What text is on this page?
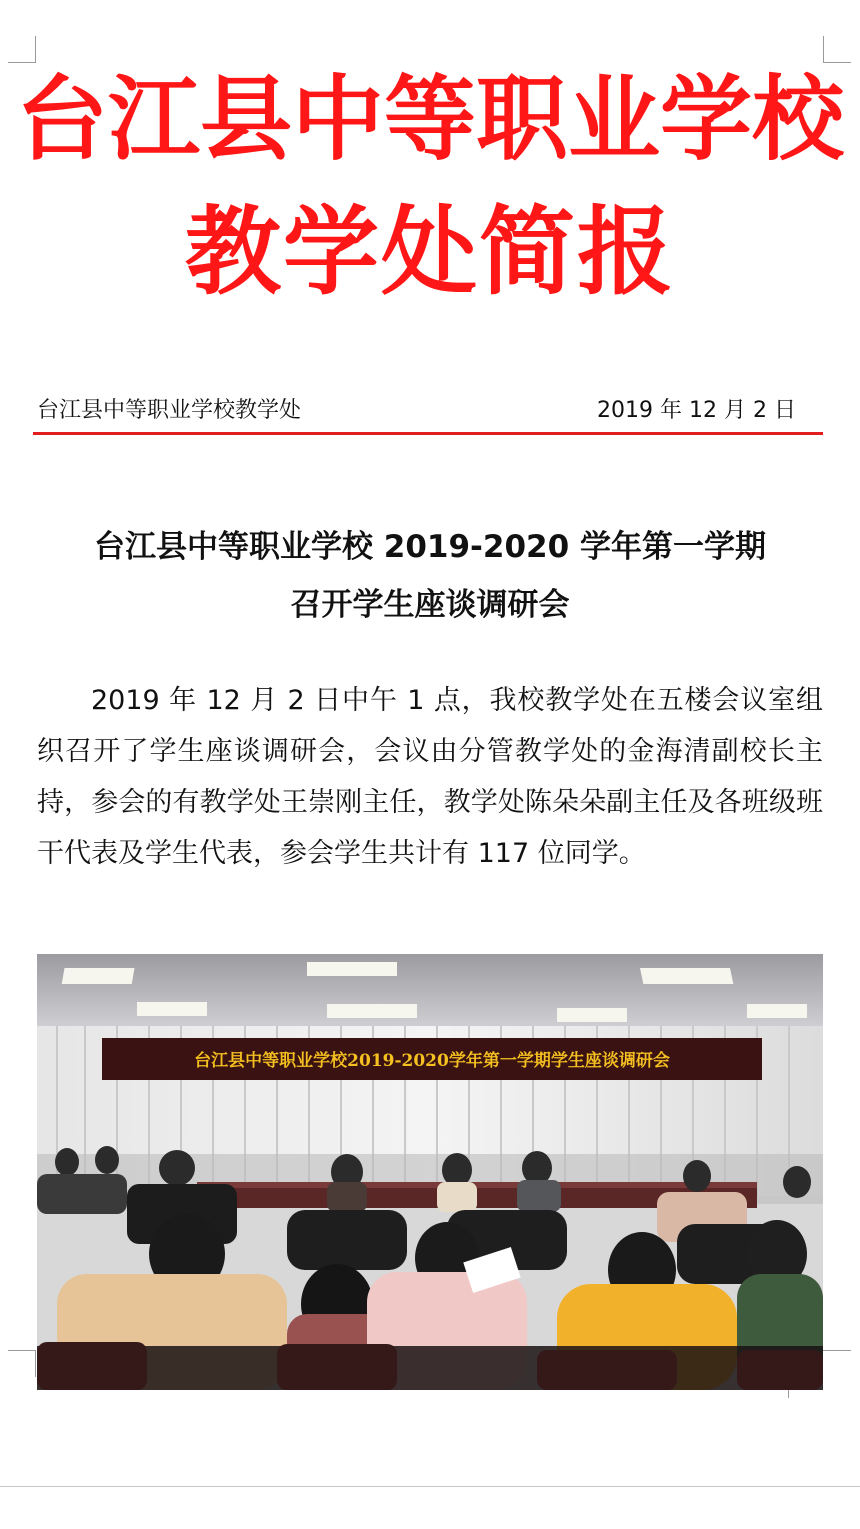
台江县中等职业学校
教学处简报
台江县中等职业学校教学处	2019 年 12 月 2 日
台江县中等职业学校 2019-2020 学年第一学期
召开学生座谈调研会

2019 年 12 月 2 日中午 1 点，我校教学处在五楼会议室组织召开了学生座谈调研会，会议由分管教学处的金海清副校长主持，参会的有教学处王崇刚主任，教学处陈朵朵副主任及各班级班干代表及学生代表，参会学生共计有 117 位同学。

台江县中等职业学校2019-2020学年第一学期学生座谈调研会
